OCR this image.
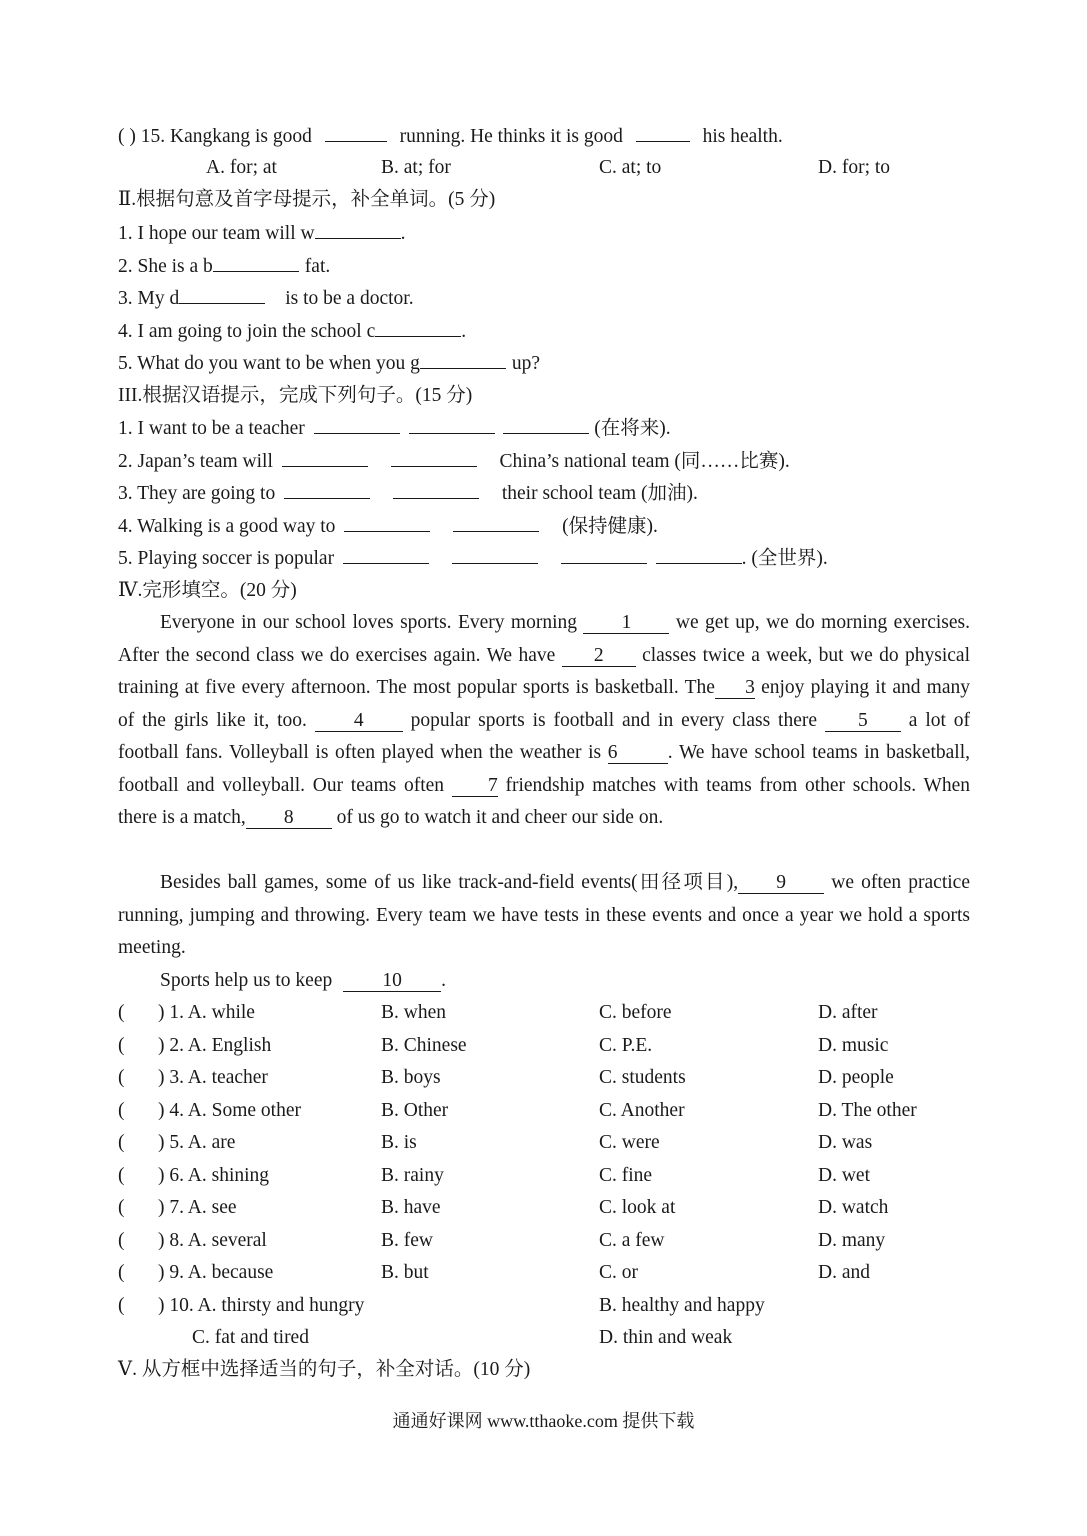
( ) 15. Kangkang is good	running. He thinks it is good	his health.
A. for; at	B. at; for	C. at; to	D. for; to
Ⅱ.根据句意及首字母提示，补全单词。(5 分)
1. I hope our team will w	.
2. She is a b	fat.
3. My d	is to be a doctor.
4. I am going to join the school c	.
5. What do you want to be when you g	up?
III.根据汉语提示，完成下列句子。(15 分)
1. I want to be a teacher	(在将来).
2. Japan’s team will	China’s national team (同……比赛).
3. They are going to	their school team (加油).
4. Walking is a good way to	(保持健康).
5. Playing soccer is popular	. (全世界).
Ⅳ.完形填空。(20 分)
Everyone in our school loves sports. Every morning 1 we get up, we do morning exercises. After the second class we do exercises again. We have 2 classes twice a week, but we do physical training at five every afternoon. The most popular sports is basketball. The 3 enjoy playing it and many of the girls like it, too. 4 popular sports is football and in every class there 5 a lot of football fans. Volleyball is often played when the weather is 6	. We have school teams in basketball, football and volleyball. Our teams often 7 friendship matches with teams from other schools. When there is a match, 8 of us go to watch it and cheer our side on.
Besides ball games, some of us like track-and-field events(田径项目), 9 we often practice running, jumping and throwing. Every team we have tests in these events and once a year we hold a sports meeting.
Sports help us to keep	10 .
( ) 1. A. while	B. when	C. before	D. after
( ) 2. A. English	B. Chinese	C. P.E.	D. music
( ) 3. A. teacher	B. boys	C. students	D. people
( ) 4. A. Some other	B. Other	C. Another	D. The other
( ) 5. A. are	B. is	C. were	D. was
( ) 6. A. shining	B. rainy	C. fine	D. wet
( ) 7. A. see	B. have	C. look at	D. watch
( ) 8. A. several	B. few	C. a few	D. many
( ) 9. A. because	B. but	C. or	D. and
( ) 10. A. thirsty and hungry	B. healthy and happy
C. fat and tired	D. thin and weak
Ⅴ. 从方框中选择适当的句子，补全对话。(10 分)
通通好课网 www.tthaoke.com 提供下载
